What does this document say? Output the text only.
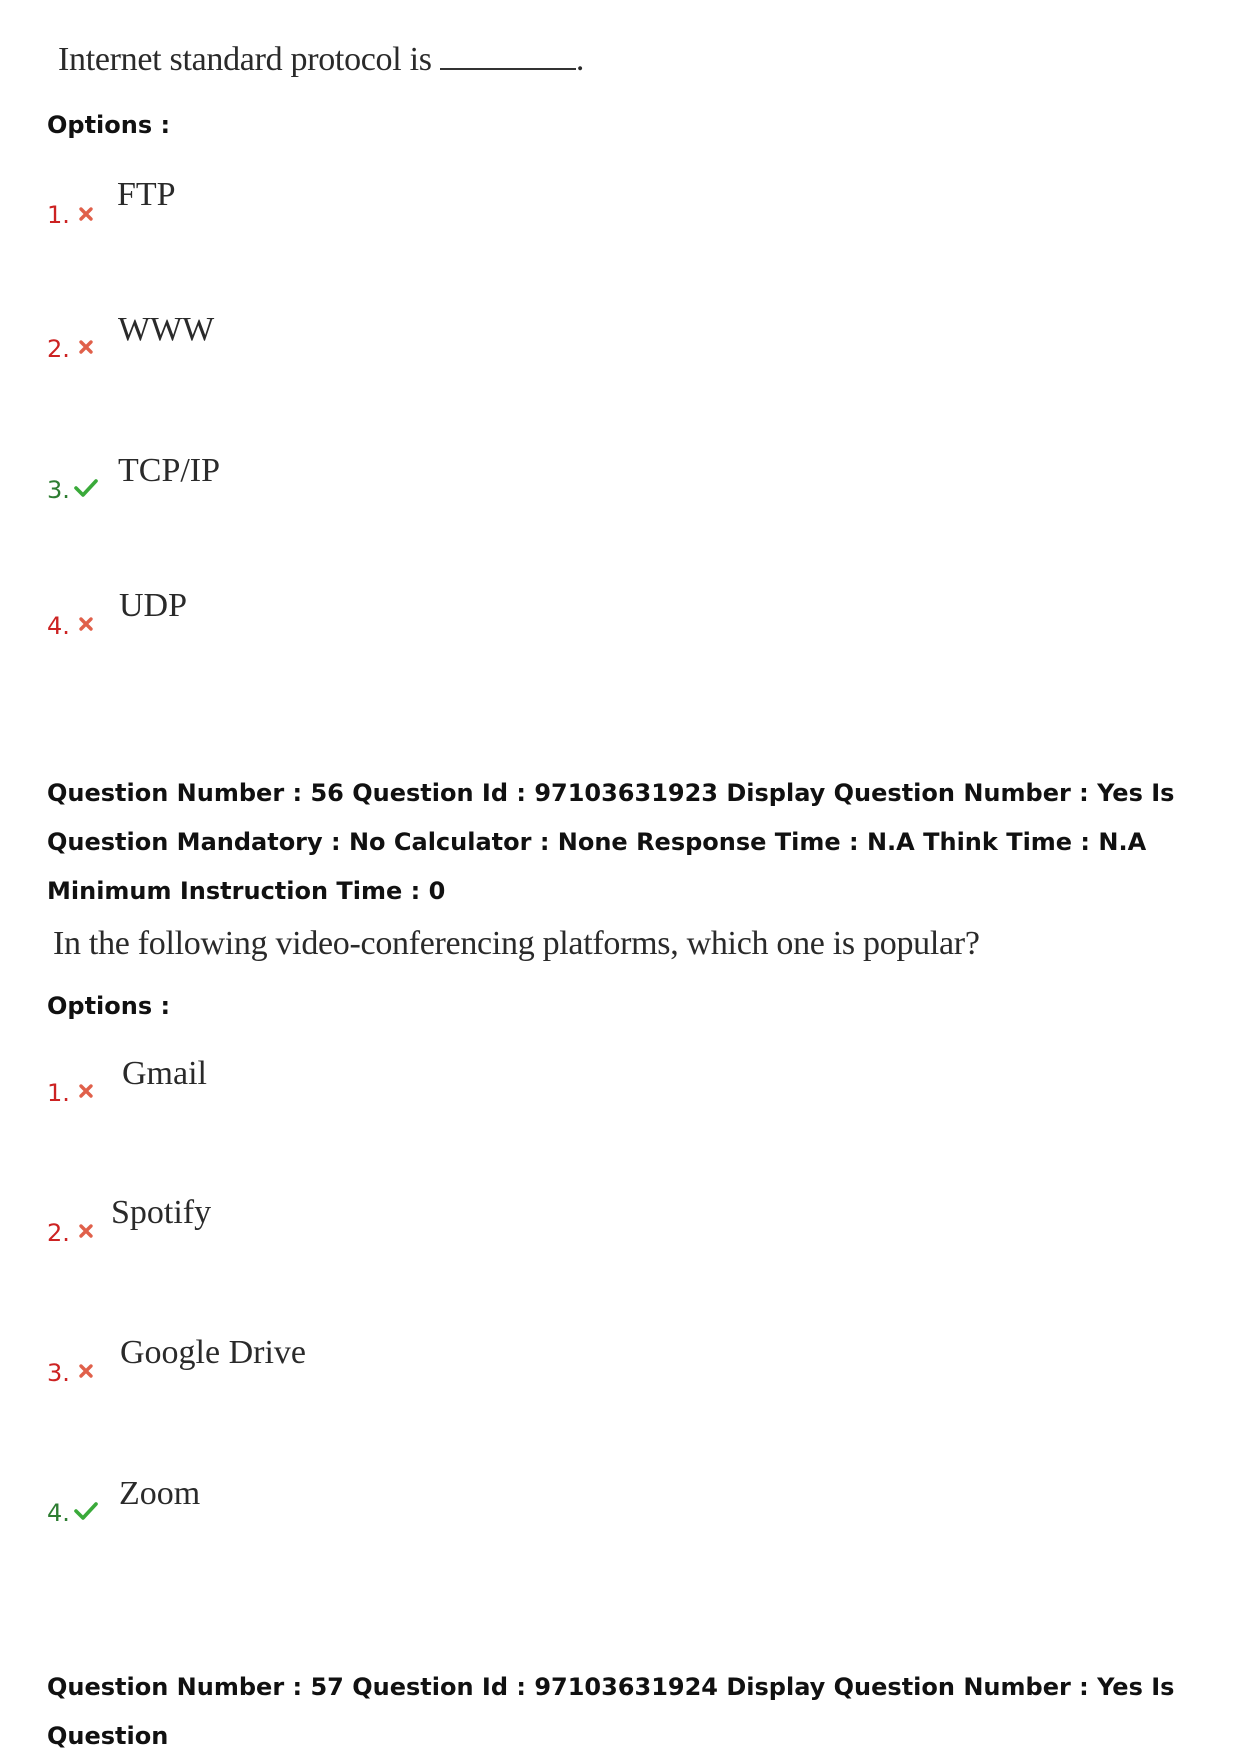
Internet standard protocol is	.
Options :
1.
FTP
2.
WWW
3.
TCP/IP
4.
UDP
Question Number : 56 Question Id : 97103631923 Display Question Number : Yes Is Question Mandatory : No Calculator : None Response Time : N.A Think Time : N.A Minimum Instruction Time : 0
In the following video-conferencing platforms, which one is popular?
Options :
1.
Gmail
2.
Spotify
3.
Google Drive
4.
Zoom
Question Number : 57 Question Id : 97103631924 Display Question Number : Yes Is Question
